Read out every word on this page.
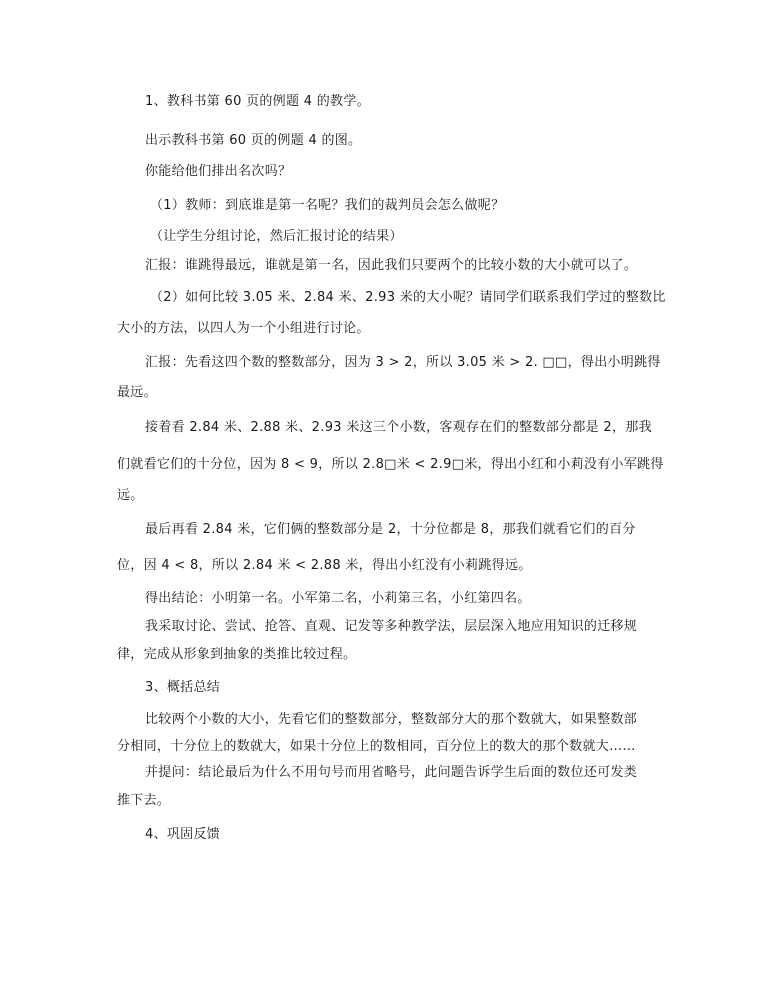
1、教科书第 60 页的例题 4 的教学。
出示教科书第 60 页的例题 4 的图。
你能给他们排出名次吗？
（1）教师：到底谁是第一名呢？我们的裁判员会怎么做呢？
（让学生分组讨论，然后汇报讨论的结果）
汇报：谁跳得最远，谁就是第一名，因此我们只要两个的比较小数的大小就可以了。
（2）如何比较 3.05 米、2.84 米、2.93 米的大小呢？请同学们联系我们学过的整数比
大小的方法，以四人为一个小组进行讨论。
汇报：先看这四个数的整数部分，因为 3 > 2，所以 3.05 米 > 2. □□，得出小明跳得
最远。
接着看 2.84 米、2.88 米、2.93 米这三个小数，客观存在们的整数部分都是 2，那我
们就看它们的十分位，因为 8 < 9，所以 2.8□米 < 2.9□米，得出小红和小莉没有小军跳得
远。
最后再看 2.84 米，它们俩的整数部分是 2，十分位都是 8，那我们就看它们的百分
位，因 4 < 8，所以 2.84 米 < 2.88 米，得出小红没有小莉跳得远。
得出结论：小明第一名。小军第二名，小莉第三名，小红第四名。
我采取讨论、尝试、抢答、直观、记发等多种教学法，层层深入地应用知识的迁移规
律，完成从形象到抽象的类推比较过程。
3、概括总结
比较两个小数的大小，先看它们的整数部分，整数部分大的那个数就大，如果整数部
分相同，十分位上的数就大，如果十分位上的数相同，百分位上的数大的那个数就大……
并提问：结论最后为什么不用句号而用省略号，此问题告诉学生后面的数位还可发类
推下去。
4、巩固反馈
